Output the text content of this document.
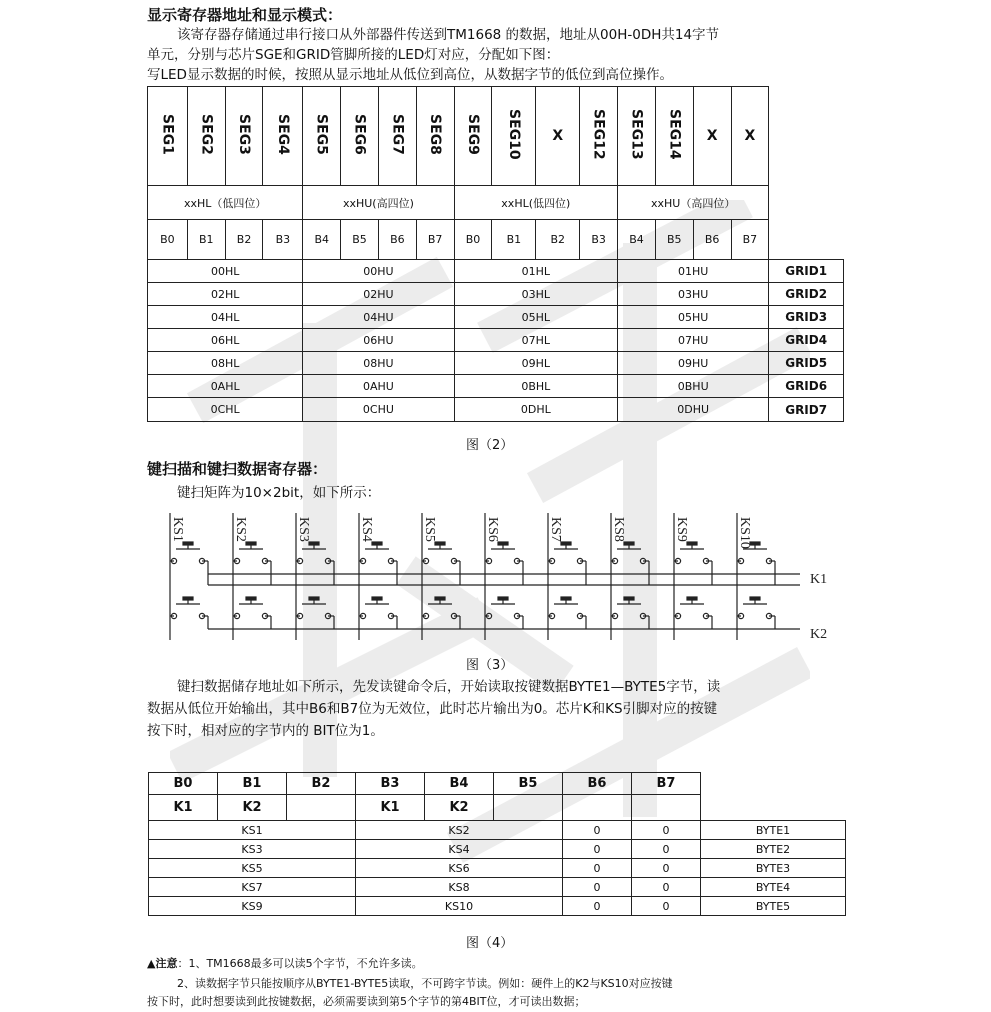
显示寄存器地址和显示模式：
该寄存器存储通过串行接口从外部器件传送到TM1668 的数据，地址从00H-0DH共14字节
单元，分别与芯片SGE和GRID管脚所接的LED灯对应，分配如下图：
写LED显示数据的时候，按照从显示地址从低位到高位，从数据字节的低位到高位操作。
SEG1	SEG2	SEG3	SEG4	SEG5	SEG6	SEG7	SEG8	SEG9	SEG10	X	SEG12	SEG13	SEG14	X	X	
xxHL（低四位）				xxHU(高四位)				xxHL(低四位)				xxHU（高四位）				
B0	B1	B2	B3	B4	B5	B6	B7	B0	B1	B2	B3	B4	B5	B6	B7	
00HL				00HU				01HL				01HU				GRID1
02HL				02HU				03HL				03HU				GRID2
04HL				04HU				05HL				05HU				GRID3
06HL				06HU				07HL				07HU				GRID4
08HL				08HU				09HL				09HU				GRID5
0AHL				0AHU				0BHL				0BHU				GRID6
0CHL				0CHU				0DHL				0DHU				GRID7
图（2）
键扫描和键扫数据寄存器：
键扫矩阵为10×2bit，如下所示：
K1
K2
KS1	KS2	KS3	KS4	KS5	KS6	KS7	KS8	KS9	KS10
图（3）
键扫数据储存地址如下所示，先发读键命令后，开始读取按键数据BYTE1—BYTE5字节，读
数据从低位开始输出，其中B6和B7位为无效位，此时芯片输出为0。芯片K和KS引脚对应的按键
按下时，相对应的字节内的 BIT位为1。
B0	B1	B2	B3	B4	B5	B6	B7	
K1	K2		K1	K2				
KS1			KS2			0	0	BYTE1
KS3			KS4			0	0	BYTE2
KS5			KS6			0	0	BYTE3
KS7			KS8			0	0	BYTE4
KS9			KS10			0	0	BYTE5
图（4）
▲注意：1、TM1668最多可以读5个字节，不允许多读。
2、读数据字节只能按顺序从BYTE1-BYTE5读取，不可跨字节读。例如：硬件上的K2与KS10对应按键
按下时，此时想要读到此按键数据，必须需要读到第5个字节的第4BIT位，才可读出数据；
